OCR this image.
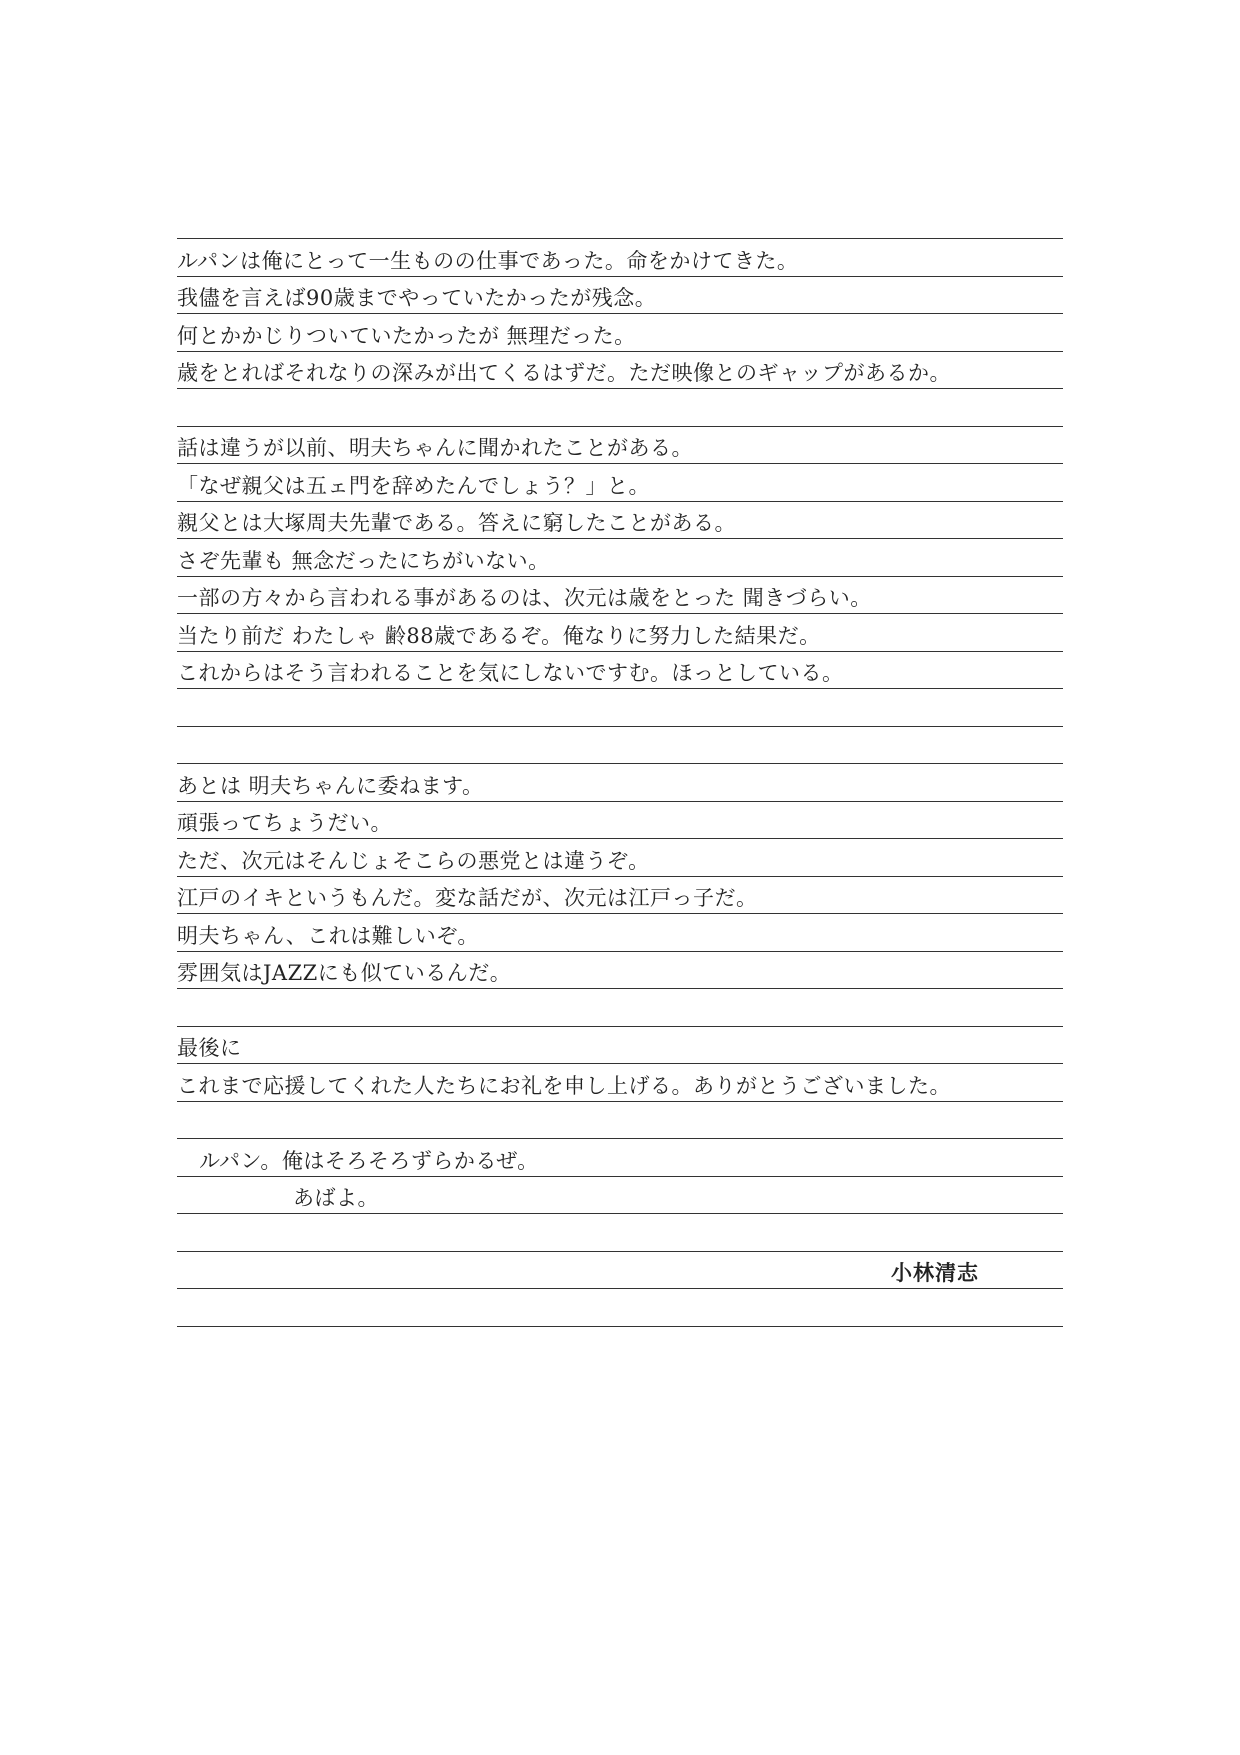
ルパンは俺にとって一生ものの仕事であった。命をかけてきた。
我儘を言えば90歳までやっていたかったが残念。
何とかかじりついていたかったが 無理だった。
歳をとればそれなりの深みが出てくるはずだ。ただ映像とのギャップがあるか。
話は違うが以前、明夫ちゃんに聞かれたことがある。
「なぜ親父は五ェ門を辞めたんでしょう？」と。
親父とは大塚周夫先輩である。答えに窮したことがある。
さぞ先輩も 無念だったにちがいない。
一部の方々から言われる事があるのは、次元は歳をとった 聞きづらい。
当たり前だ わたしゃ 齢88歳であるぞ。俺なりに努力した結果だ。
これからはそう言われることを気にしないですむ。ほっとしている。
あとは 明夫ちゃんに委ねます。
頑張ってちょうだい。
ただ、次元はそんじょそこらの悪党とは違うぞ。
江戸のイキというもんだ。変な話だが、次元は江戸っ子だ。
明夫ちゃん、これは難しいぞ。
雰囲気はJAZZにも似ているんだ。
最後に
これまで応援してくれた人たちにお礼を申し上げる。ありがとうございました。
ルパン。俺はそろそろずらかるぜ。
あばよ。
小林清志
